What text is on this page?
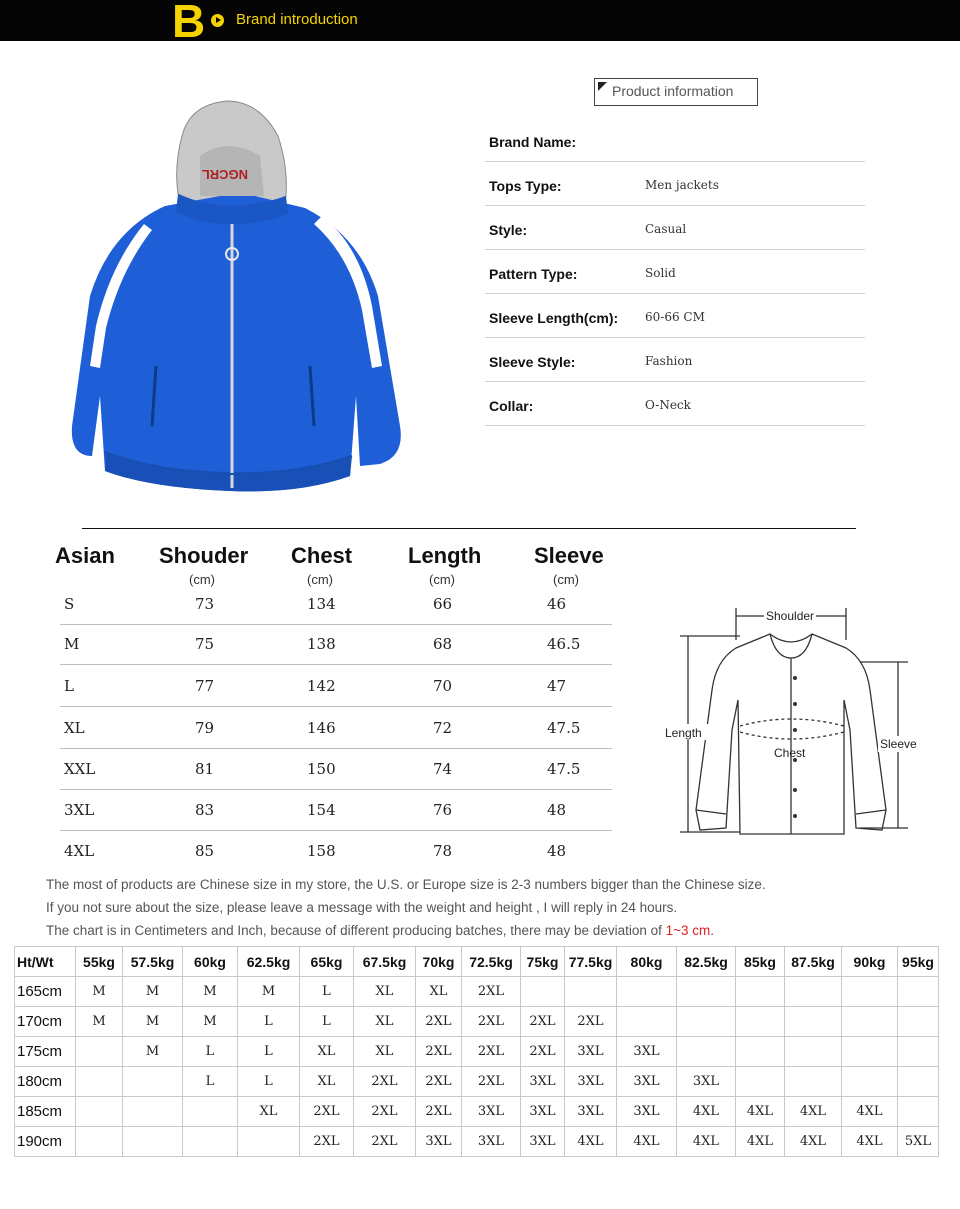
B Brand introduction
NGCRL
Product information
Brand Name:
Tops Type:	Men jackets
Style:	Casual
Pattern Type:	Solid
Sleeve Length(cm): 60-66 CM
Sleeve Style:	Fashion
Collar:	O-Neck
Asian Shouder Chest	Length Sleeve
(cm)	(cm)	(cm)	(cm)
S	73	134	66	46
M	75	138	68	46.5
L	77	142	70	47
XL	79	146	72	47.5
XXL	81	150	74	47.5
3XL	83	154	76	48
4XL	85	158	78	48
Shoulder
Chest
Length
Sleeve
The most of products are Chinese size in my store, the U.S. or Europe size is 2-3 numbers bigger than the Chinese size.
If you not sure about the size, please leave a message with the weight and height , I will reply in 24 hours.
The chart is in Centimeters and Inch, because of different producing batches, there may be deviation of 1~3 cm.
Ht/Wt	55kg	57.5kg	60kg	62.5kg	65kg	67.5kg	70kg	72.5kg	75kg	77.5kg	80kg	82.5kg	85kg	87.5kg	90kg	95kg
165cm	M	M	M	M	L	XL	XL	2XL								
170cm	M	M	M	L	L	XL	2XL	2XL	2XL	2XL						
175cm		M	L	L	XL	XL	2XL	2XL	2XL	3XL	3XL					
180cm			L	L	XL	2XL	2XL	2XL	3XL	3XL	3XL	3XL				
185cm				XL	2XL	2XL	2XL	3XL	3XL	3XL	3XL	4XL	4XL	4XL	4XL	
190cm					2XL	2XL	3XL	3XL	3XL	4XL	4XL	4XL	4XL	4XL	4XL	5XL
